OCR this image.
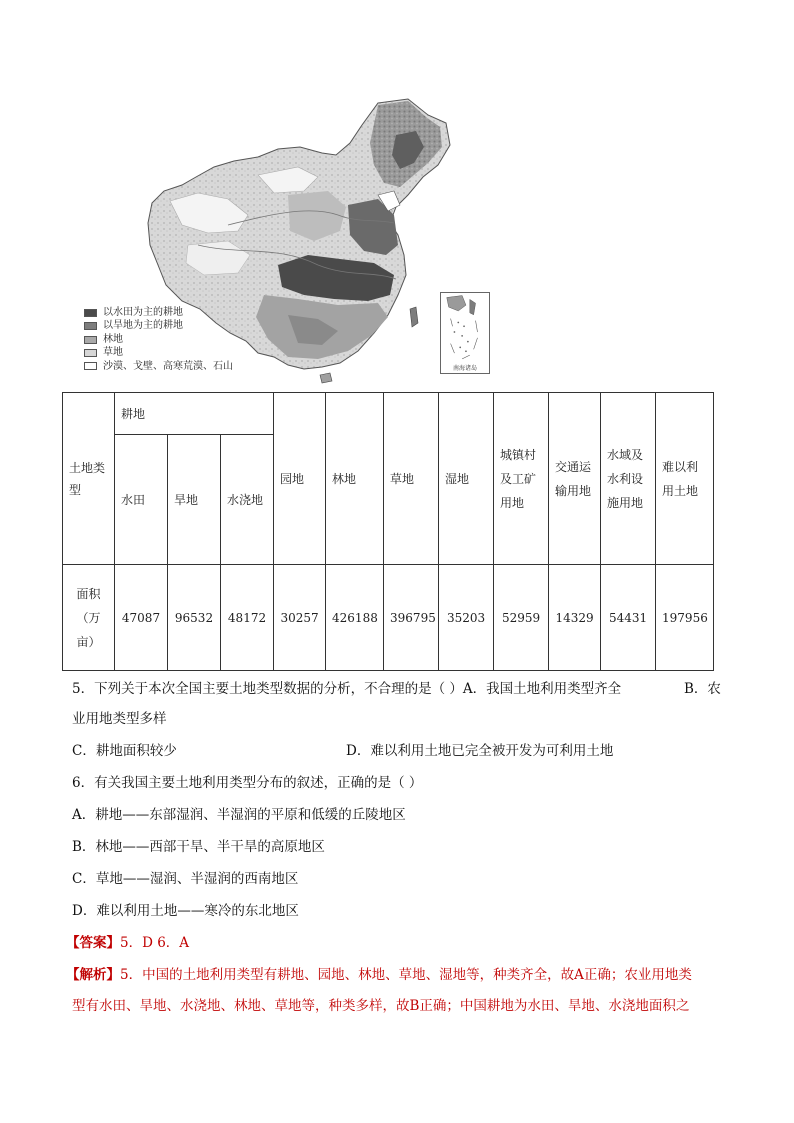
以水田为主的耕地
以旱地为主的耕地
林地
草地
沙漠、戈壁、高寒荒漠、石山	南海诸岛
土地类型	耕地			园地	林地	草地	湿地	城镇村及工矿用地	交通运输用地	水域及水利设施用地	难以利用土地
	水田	旱地	水浇地								
面积（万亩）	47087	96532	48172	30257	426188	396795	35203	52959	14329	54431	197956
5．下列关于本次全国主要土地类型数据的分析，不合理的是（ ）A．我国土地利用类型齐全	B．农
业用地类型多样
C．耕地面积较少	D．难以利用土地已完全被开发为可利用土地
6．有关我国主要土地利用类型分布的叙述，正确的是（ ）
A．耕地——东部湿润、半湿润的平原和低缓的丘陵地区
B．林地——西部干旱、半干旱的高原地区
C．草地——湿润、半湿润的西南地区
D．难以利用土地——寒冷的东北地区
【答案】5．D 6．A
【解析】5．中国的土地利用类型有耕地、园地、林地、草地、湿地等，种类齐全，故A正确；农业用地类
型有水田、旱地、水浇地、林地、草地等，种类多样，故B正确；中国耕地为水田、旱地、水浇地面积之
